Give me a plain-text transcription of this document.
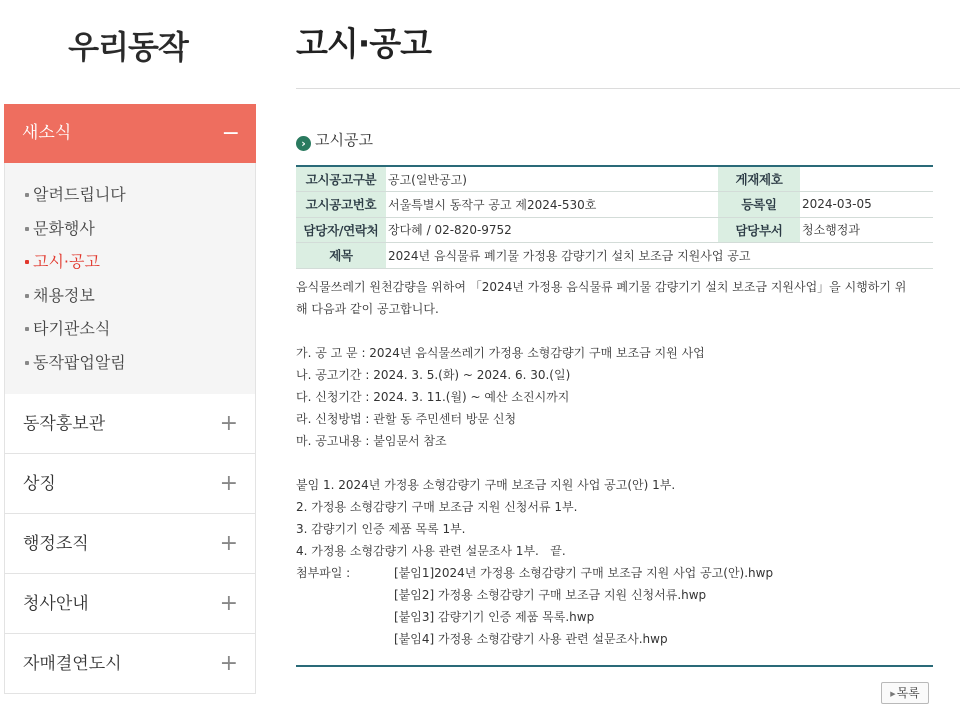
우리동작
새소식	−
알려드립니다
문화행사
고시·공고
채용정보
타기관소식
동작팝업알림
동작홍보관	+
상징	+
행정조직	+
청사안내	+
자매결연도시	+
고시·공고
› 고시공고
고시공고구분	공고(일반공고)	게재제호	
고시공고번호	서울특별시 동작구 공고 제2024-530호	등록일	2024-03-05
담당자/연락처	장다혜 / 02-820-9752	담당부서	청소행정과
제목	2024년 음식물류 폐기물 가정용 감량기기 설치 보조금 지원사업 공고		

음식물쓰레기 원천감량을 위하여 「2024년 가정용 음식물류 폐기물 감량기기 설치 보조금 지원사업」을 시행하기 위해 다음과 같이 공고합니다.

가. 공 고 문 : 2024년 음식물쓰레기 가정용 소형감량기 구매 보조금 지원 사업

나. 공고기간 : 2024. 3. 5.(화) ~ 2024. 6. 30.(일)

다. 신청기간 : 2024. 3. 11.(월) ~ 예산 소진시까지

라. 신청방법 : 관할 동 주민센터 방문 신청

마. 공고내용 : 붙임문서 참조

붙임 1. 2024년 가정용 소형감량기 구매 보조금 지원 사업 공고(안) 1부.

2. 가정용 소형감량기 구매 보조금 지원 신청서류 1부.

3. 감량기기 인증 제품 목록 1부.

4. 가정용 소형감량기 사용 관련 설문조사 1부.   끝.

첨부파일 :	[붙임1]2024년 가정용 소형감량기 구매 보조금 지원 사업 공고(안).hwp
[붙임2] 가정용 소형감량기 구매 보조금 지원 신청서류.hwp
[붙임3] 감량기기 인증 제품 목록.hwp
[붙임4] 가정용 소형감량기 사용 관련 설문조사.hwp
▶목록
